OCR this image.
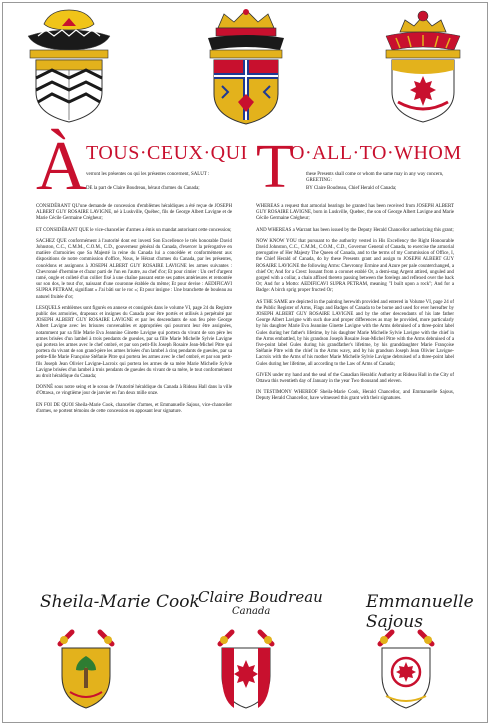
À TOUS·CEUX·QUI T
O·ALL·TO·WHOM
verront les présentes ou qui les présentes concernent, SALUT :
DE la part de Claire Boudreau, héraut d'armes du Canada;
these Presents shall come or whom the same may in any way concern, GREETING:
BY Claire Boudreau, Chief Herald of Canada;

CONSIDÉRANT QU'une demande de concession d'emblèmes héraldiques a été reçue de JOSEPH ALBERT GUY ROSAIRE LAVIGNE, né à Luskville, Québec, fils de George Albert Lavigne et de Marie Cécile Germaine Crégheur;

ET CONSIDÉRANT QUE le vice-chancelier d'armes a émis un mandat autorisant cette concession;

SACHEZ QUE conformément à l'autorité dont est investi Son Excellence le très honorable David Johnston, C.C., C.M.M., C.O.M., C.D., gouverneur général du Canada, d'exercer la prérogative en matière d'armoiries que Sa Majesté la reine du Canada lui a concédée et conformément aux dispositions de notre commission d'office, Nous, le Héraut d'armes du Canada, par les présentes, concédons et assignons à JOSEPH ALBERT GUY ROSAIRE LAVIGNE les armes suivantes : Chevronné d'hermine et d'azur parti de l'un en l'autre, au chef d'or; Et pour cimier : Un cerf d'argent ramé, ongle et colleté d'un collier fixé à une chaîne passant entre ses pattes antérieures et remontée sur son dos, le tout d'or, naissant d'une couronne érablée du même; Et pour devise : AEDIFICAVI SUPRA PETRAM, signifiant « J'ai bâti sur le roc »; Et pour insigne : Une branchette de bouleau au naturel fruitée d'or;

LESQUELS emblèmes sont figurés en annexe et consignés dans le volume VI, page 24 du Registre public des armoiries, drapeaux et insignes du Canada pour être portés et utilisés à perpétuité par JOSEPH ALBERT GUY ROSAIRE LAVIGNE et par les descendants de son feu père George Albert Lavigne avec les brisures convenables et appropriées qui pourront leur être assignées, notamment par sa fille Marie Eva Jeannine Ginette Lavigne qui portera du vivant de son père les armes brisées d'un lambel à trois pendants de gueules, par sa fille Marie Michelle Sylvie Lavigne qui portera les armes avec le chef ombré, et par son petit-fils Joseph Rosaire Jean-Michel Pitre qui portera du vivant de son grand-père les armes brisées d'un lambel à cinq pendants de gueules, par sa petite-fille Marie Françoise Stéfanie Pitre qui portera les armes avec le chef ombré, et par son petit-fils Joseph Jean Olivier Lavigne-Lacroix qui portera les armes de sa mère Marie Michelle Sylvie Lavigne brisées d'un lambel à trois pendants de gueules du vivant de sa mère, le tout conformément au droit héraldique du Canada;

DONNÉ sous notre seing et le sceau de l'Autorité héraldique du Canada à Rideau Hall dans la ville d'Ottawa, ce vingtième jour de janvier en l'an deux mille onze.

EN FOI DE QUOI Sheila-Marie Cook, chancelier d'armes, et Emmanuelle Sajous, vice-chancelier d'armes, se portent témoins de cette concession en apposant leur signature.

WHEREAS a request that armorial bearings be granted has been received from JOSEPH ALBERT GUY ROSAIRE LAVIGNE, born in Luskville, Quebec, the son of George Albert Lavigne and Marie Cécile Germaine Crégheur;

AND WHEREAS a Warrant has been issued by the Deputy Herald Chancellor authorizing this grant;

NOW KNOW YOU that pursuant to the authority vested in His Excellency the Right Honourable David Johnston, C.C., C.M.M., C.O.M., C.D., Governor General of Canada, to exercise the armorial prerogative of Her Majesty The Queen of Canada, and to the terms of my Commission of Office, I, the Chief Herald of Canada, do by these Presents grant and assign to JOSEPH ALBERT GUY ROSAIRE LAVIGNE the following Arms: Chevronny Ermine and Azure per pale counterchanged, a chief Or; And for a Crest: Issuant from a coronet erablé Or, a demi-stag Argent attired, unguled and gorged with a collar, a chain affixed thereto passing between the forelegs and reflexed over the back Or; And for a Motto: AEDIFICAVI SUPRA PETRAM, meaning "I built upon a rock"; And for a Badge: A birch sprig proper fructed Or;

AS THE SAME are depicted in the painting herewith provided and entered in Volume VI, page 24 of the Public Register of Arms, Flags and Badges of Canada to be borne and used for ever hereafter by JOSEPH ALBERT GUY ROSAIRE LAVIGNE and by the other descendants of his late father George Albert Lavigne with such due and proper differences as may be provided, more particularly by his daughter Marie Eva Jeannine Ginette Lavigne with the Arms debruised of a three-point label Gules during her father's lifetime, by his daughter Marie Michelle Sylvie Lavigne with the chief in the Arms embattled, by his grandson Joseph Rosaire Jean-Michel Pitre with the Arms debruised of a five-point label Gules during his grandfather's lifetime, by his granddaughter Marie Françoise Stéfanie Pitre with the chief in the Arms wavy, and by his grandson Joseph Jean Olivier Lavigne-Lacroix with the Arms of his mother Marie Michelle Sylvie Lavigne debruised of a three-point label Gules during her lifetime, all according to the Law of Arms of Canada;

GIVEN under my hand and the seal of the Canadian Heraldic Authority at Rideau Hall in the City of Ottawa this twentieth day of January in the year Two thousand and eleven.

IN TESTIMONY WHEREOF Sheila-Marie Cook, Herald Chancellor, and Emmanuelle Sajous, Deputy Herald Chancellor, have witnessed this grant with their signatures.

Sheila-Marie Cook
Claire Boudreau
Canada	Emmanuelle Sajous
